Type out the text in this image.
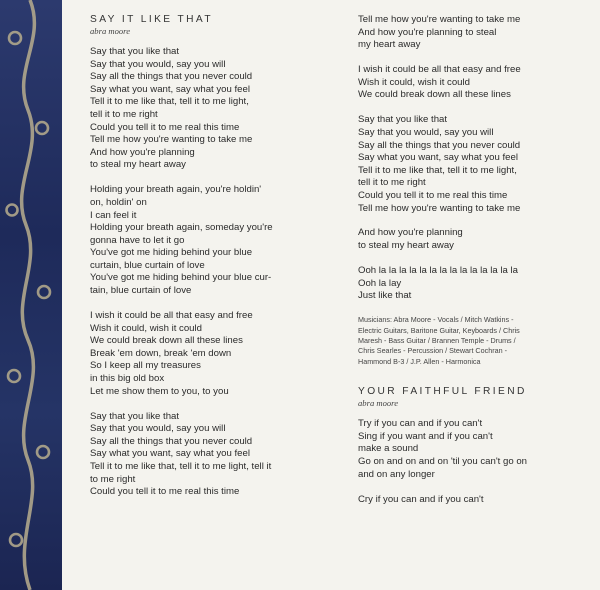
SAY IT LIKE THAT
abra moore
Say that you like that
Say that you would, say you will
Say all the things that you never could
Say what you want, say what you feel
Tell it to me like that, tell it to me light,
tell it to me right
Could you tell it to me real this time
Tell me how you're wanting to take me
And how you're planning
to steal my heart away
Holding your breath again, you're holdin'
on, holdin' on
I can feel it
Holding your breath again, someday you're
gonna have to let it go
You've got me hiding behind your blue
curtain, blue curtain of love
You've got me hiding behind your blue cur-
tain, blue curtain of love
I wish it could be all that easy and free
Wish it could, wish it could
We could break down all these lines
Break 'em down, break 'em down
So I keep all my treasures
in this big old box
Let me show them to you, to you
Say that you like that
Say that you would, say you will
Say all the things that you never could
Say what you want, say what you feel
Tell it to me like that, tell it to me light, tell it
to me right
Could you tell it to me real this time
Tell me how you're wanting to take me
And how you're planning to steal
my heart away
I wish it could be all that easy and free
Wish it could, wish it could
We could break down all these lines
Say that you like that
Say that you would, say you will
Say all the things that you never could
Say what you want, say what you feel
Tell it to me like that, tell it to me light,
tell it to me right
Could you tell it to me real this time
Tell me how you're wanting to take me
And how you're planning
to steal my heart away
Ooh la la la la la la la la la la la la la la
Ooh la lay
Just like that
Musicians: Abra Moore - Vocals / Mitch Watkins -
Electric Guitars, Baritone Guitar, Keyboards / Chris
Maresh - Bass Guitar / Brannen Temple - Drums /
Chris Searles - Percussion / Stewart Cochran -
Hammond B-3 / J.P. Allen - Harmonica
YOUR FAITHFUL FRIEND
abra moore
Try if you can and if you can't
Sing if you want and if you can't
make a sound
Go on and on and on 'til you can't go on
and on any longer
Cry if you can and if you can't
